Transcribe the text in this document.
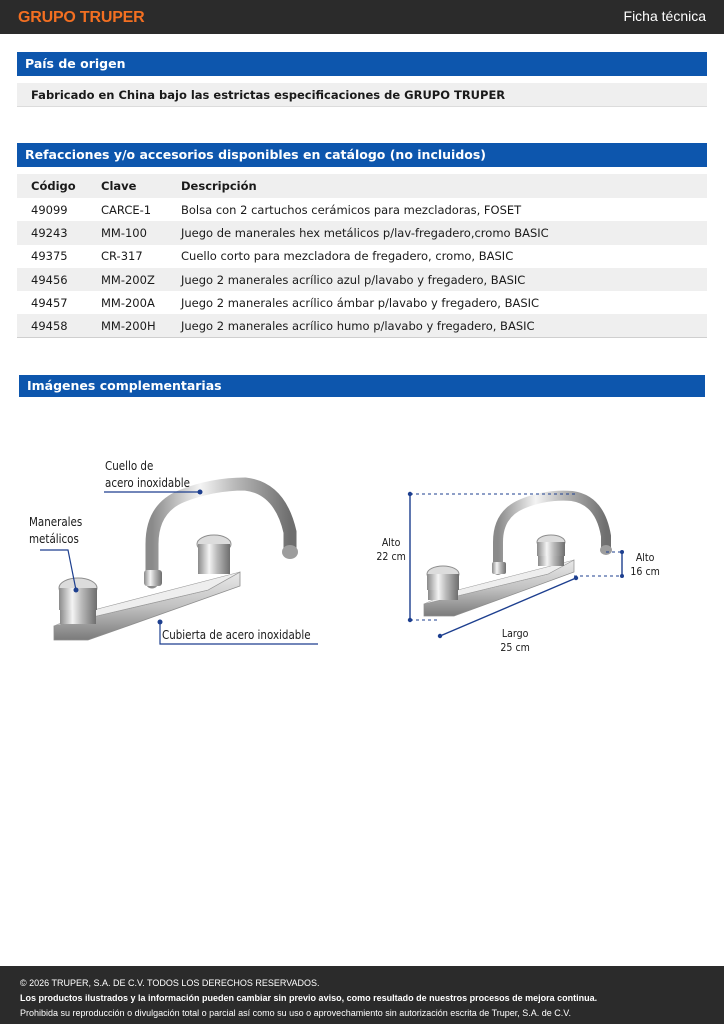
GRUPO TRUPER	Ficha técnica
País de origen
Fabricado en China bajo las estrictas especificaciones de GRUPO TRUPER
Refacciones y/o accesorios disponibles en catálogo (no incluidos)
Código	Clave	Descripción
49099	CARCE-1	Bolsa con 2 cartuchos cerámicos para mezcladoras, FOSET
49243	MM-100	Juego de manerales hex metálicos p/lav-fregadero,cromo BASIC
49375	CR-317	Cuello corto para mezcladora de fregadero, cromo, BASIC
49456	MM-200Z	Juego 2 manerales acrílico azul p/lavabo y fregadero, BASIC
49457	MM-200A	Juego 2 manerales acrílico ámbar p/lavabo y fregadero, BASIC
49458	MM-200H	Juego 2 manerales acrílico humo p/lavabo y fregadero, BASIC
Imágenes complementarias
Cuello de
acero inoxidable
Manerales
metálicos
Cubierta de acero inoxidable
Alto
22 cm	Alto
16 cm
Largo
25 cm
© 2026 TRUPER, S.A. DE C.V. TODOS LOS DERECHOS RESERVADOS.
Los productos ilustrados y la información pueden cambiar sin previo aviso, como resultado de nuestros procesos de mejora continua.
Prohibida su reproducción o divulgación total o parcial así como su uso o aprovechamiento sin autorización escrita de Truper, S.A. de C.V.
